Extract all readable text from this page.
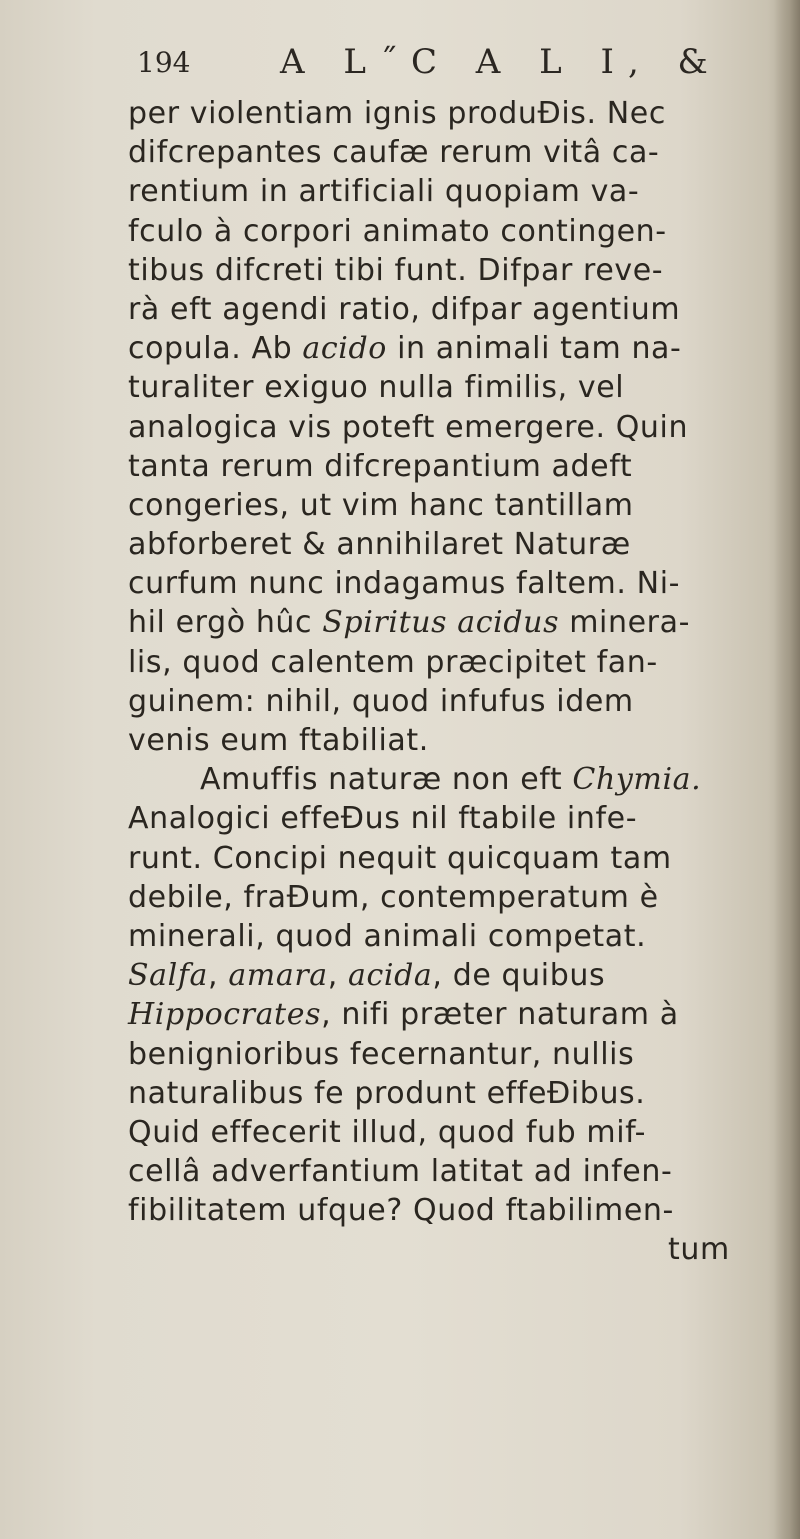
194	A L˝C A L I, &
per violentiam ignis produƉis. Nec
difcrepantes caufæ rerum vitâ ca-
rentium in artificiali quopiam va-
fculo à corpori animato contingen-
tibus difcreti tibi funt. Difpar reve-
rà eft agendi ratio, difpar agentium
copula. Ab acido in animali tam na-
turaliter exiguo nulla fimilis, vel
analogica vis poteft emergere. Quin
tanta rerum difcrepantium adeft
congeries, ut vim hanc tantillam
abforberet & annihilaret Naturæ
curfum nunc indagamus faltem. Ni-
hil ergò hûc Spiritus acidus minera-
lis, quod calentem præcipitet fan-
guinem: nihil, quod infufus idem
venis eum ftabiliat.
Amuffis naturæ non eft Chymia.
Analogici effeƉus nil ftabile infe-
runt. Concipi nequit quicquam tam
debile, fraƉum, contemperatum è
minerali, quod animali competat.
Salfa, amara, acida, de quibus
Hippocrates, nifi præter naturam à
benignioribus fecernantur, nullis
naturalibus fe produnt effeƉibus.
Quid effecerit illud, quod fub mif-
cellâ adverfantium latitat ad infen-
fibilitatem ufque? Quod ftabilimen-
tum
